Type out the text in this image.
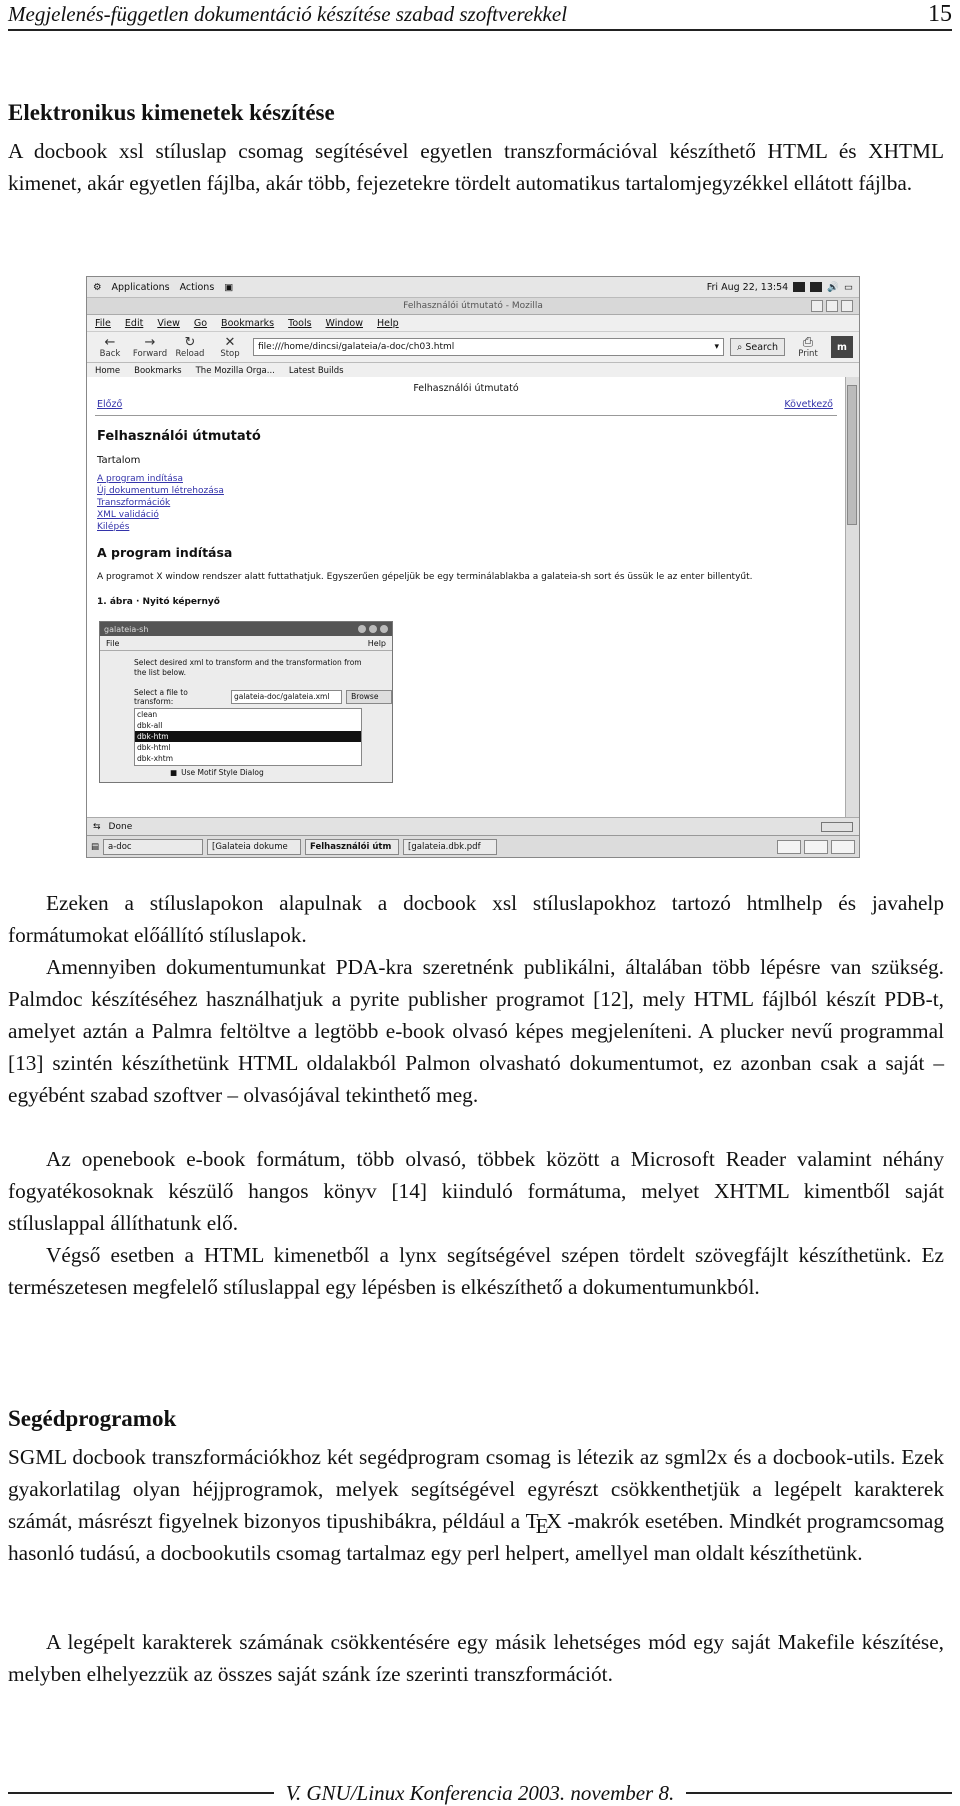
Megjelenés-független dokumentáció készítése szabad szoftverekkel	15
Elektronikus kimenetek készítése

A docbook xsl stíluslap csomag segítésével egyetlen transzformációval készíthető HTML és XHTML kimenet, akár egyetlen fájlba, akár több, fejezetekre tördelt automatikus tartalomjegyzékkel ellátott fájlba.

⚙ Applications Actions ▣	Fri Aug 22, 13:54	🔊 ▭
Felhasználói útmutató - Mozilla
File Edit View Go Bookmarks Tools Window Help
←
Back
→
Forward
↻
Reload
✕
Stop
file:///home/dincsi/galateia/a-doc/ch03.html	▾ ⌕ Search ⎙
Print
m
Home Bookmarks The Mozilla Orga... Latest Builds
Felhasználói útmutató
Előző	Következő
Felhasználói útmutató
Tartalom
A program indítása
Új dokumentum létrehozása
Transzformációk
XML validáció
Kilépés
A program indítása
A programot X window rendszer alatt futtathatjuk. Egyszerűen gépeljük be egy terminálablakba a galateia-sh sort és üssük le az enter billentyűt.
1. ábra · Nyitó képernyő
galateia-sh
File	Help
Select desired xml to transform and the transformation from
the list below.
Select a file to transform:
galateia-doc/galateia.xml	Browse
clean
dbk-all
dbk-htm
dbk-html
dbk-xhtm
■ Use Motif Style Dialog
⇆ Done
▤	a-doc	[Galateia dokume	Felhasználói útm	[galateia.dbk.pdf

Ezeken a stíluslapokon alapulnak a docbook xsl stíluslapokhoz tartozó htmlhelp és javahelp formátumokat előállító stíluslapok.

Amennyiben dokumentumunkat PDA-kra szeretnénk publikálni, általában több lépésre van szükség. Palmdoc készítéséhez használhatjuk a pyrite publisher programot [12], mely HTML fájlból készít PDB-t, amelyet aztán a Palmra feltöltve a legtöbb e-book olvasó képes megjeleníteni. A plucker nevű programmal [13] szintén készíthetünk HTML oldalakból Palmon olvasható dokumentumot, ez azonban csak a saját – egyébént szabad szoftver – olvasójával tekinthető meg.

Az openebook e-book formátum, több olvasó, többek között a Microsoft Reader valamint néhány fogyatékosoknak készülő hangos könyv [14] kiinduló formátuma, melyet XHTML kimentből saját stíluslappal állíthatunk elő.

Végső esetben a HTML kimenetből a lynx segítségével szépen tördelt szövegfájlt készíthetünk. Ez természetesen megfelelő stíluslappal egy lépésben is elkészíthető a dokumentumunkból.

Segédprogramok

SGML docbook transzformációkhoz két segédprogram csomag is létezik az sgml2x és a docbook-utils. Ezek gyakorlatilag olyan héjjprogramok, melyek segítségével egyrészt csökkenthetjük a legépelt karakterek számát, másrészt figyelnek bizonyos tipushibákra, például a TEX -makrók esetében. Mindkét programcsomag hasonló tudású, a docbookutils csomag tartalmaz egy perl helpert, amellyel man oldalt készíthetünk.

A legépelt karakterek számának csökkentésére egy másik lehetséges mód egy saját Makefile készítése, melyben elhelyezzük az összes saját szánk íze szerinti transzformációt.

V. GNU/Linux Konferencia 2003. november 8.
